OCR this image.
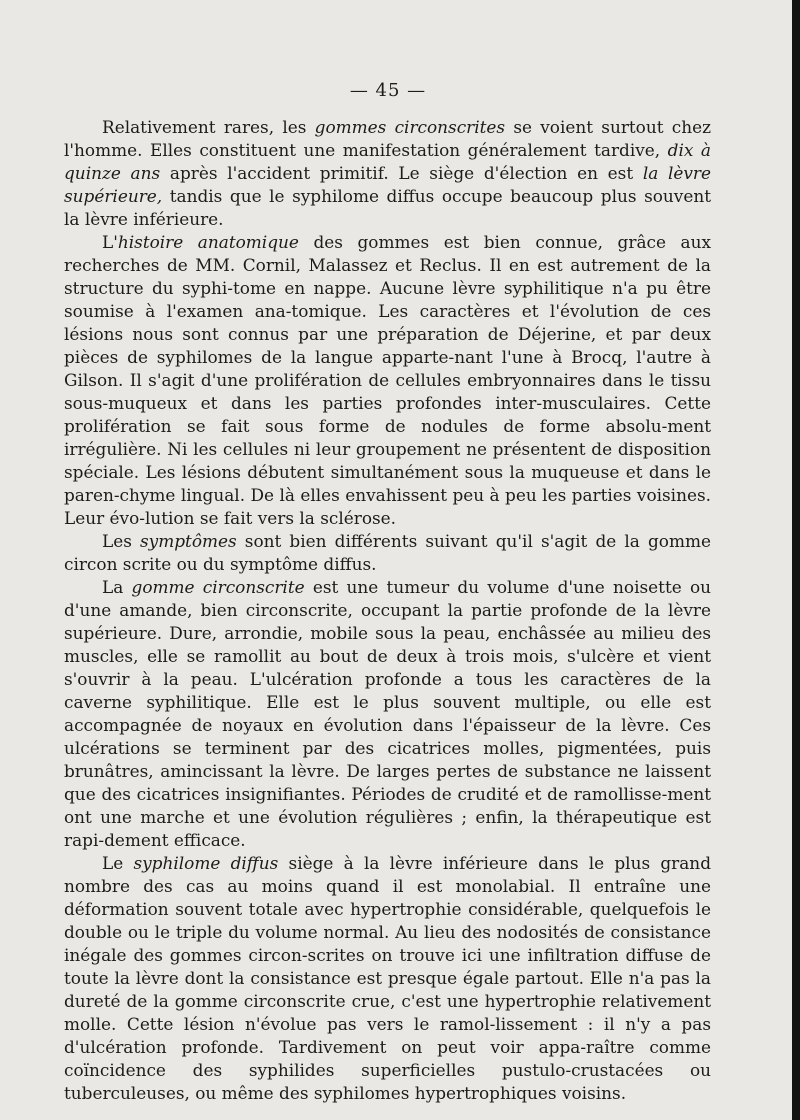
— 45 —

Relativement rares, les gommes circonscrites se voient surtout chez l'homme. Elles constituent une manifestation généralement tardive, dix à quinze ans après l'accident primitif. Le siège d'élection en est la lèvre supérieure, tandis que le syphilome diffus occupe beaucoup plus souvent la lèvre inférieure.

L'histoire anatomique des gommes est bien connue, grâce aux recherches de MM. Cornil, Malassez et Reclus. Il en est autrement de la structure du syphi-tome en nappe. Aucune lèvre syphilitique n'a pu être soumise à l'examen ana-tomique. Les caractères et l'évolution de ces lésions nous sont connus par une préparation de Déjerine, et par deux pièces de syphilomes de la langue apparte-nant l'une à Brocq, l'autre à Gilson. Il s'agit d'une prolifération de cellules embryonnaires dans le tissu sous-muqueux et dans les parties profondes inter-musculaires. Cette prolifération se fait sous forme de nodules de forme absolu-ment irrégulière. Ni les cellules ni leur groupement ne présentent de disposition spéciale. Les lésions débutent simultanément sous la muqueuse et dans le paren-chyme lingual. De là elles envahissent peu à peu les parties voisines. Leur évo-lution se fait vers la sclérose.

Les symptômes sont bien différents suivant qu'il s'agit de la gomme circon scrite ou du symptôme diffus.

La gomme circonscrite est une tumeur du volume d'une noisette ou d'une amande, bien circonscrite, occupant la partie profonde de la lèvre supérieure. Dure, arrondie, mobile sous la peau, enchâssée au milieu des muscles, elle se ramollit au bout de deux à trois mois, s'ulcère et vient s'ouvrir à la peau. L'ulcération profonde a tous les caractères de la caverne syphilitique. Elle est le plus souvent multiple, ou elle est accompagnée de noyaux en évolution dans l'épaisseur de la lèvre. Ces ulcérations se terminent par des cicatrices molles, pigmentées, puis brunâtres, amincissant la lèvre. De larges pertes de substance ne laissent que des cicatrices insignifiantes. Périodes de crudité et de ramollisse-ment ont une marche et une évolution régulières ; enfin, la thérapeutique est rapi-dement efficace.

Le syphilome diffus siège à la lèvre inférieure dans le plus grand nombre des cas au moins quand il est monolabial. Il entraîne une déformation souvent totale avec hypertrophie considérable, quelquefois le double ou le triple du volume normal. Au lieu des nodosités de consistance inégale des gommes circon-scrites on trouve ici une infiltration diffuse de toute la lèvre dont la consistance est presque égale partout. Elle n'a pas la dureté de la gomme circonscrite crue, c'est une hypertrophie relativement molle. Cette lésion n'évolue pas vers le ramol-lissement : il n'y a pas d'ulcération profonde. Tardivement on peut voir appa-raître comme coïncidence des syphilides superficielles pustulo-crustacées ou tuberculeuses, ou même des syphilomes hypertrophiques voisins.
